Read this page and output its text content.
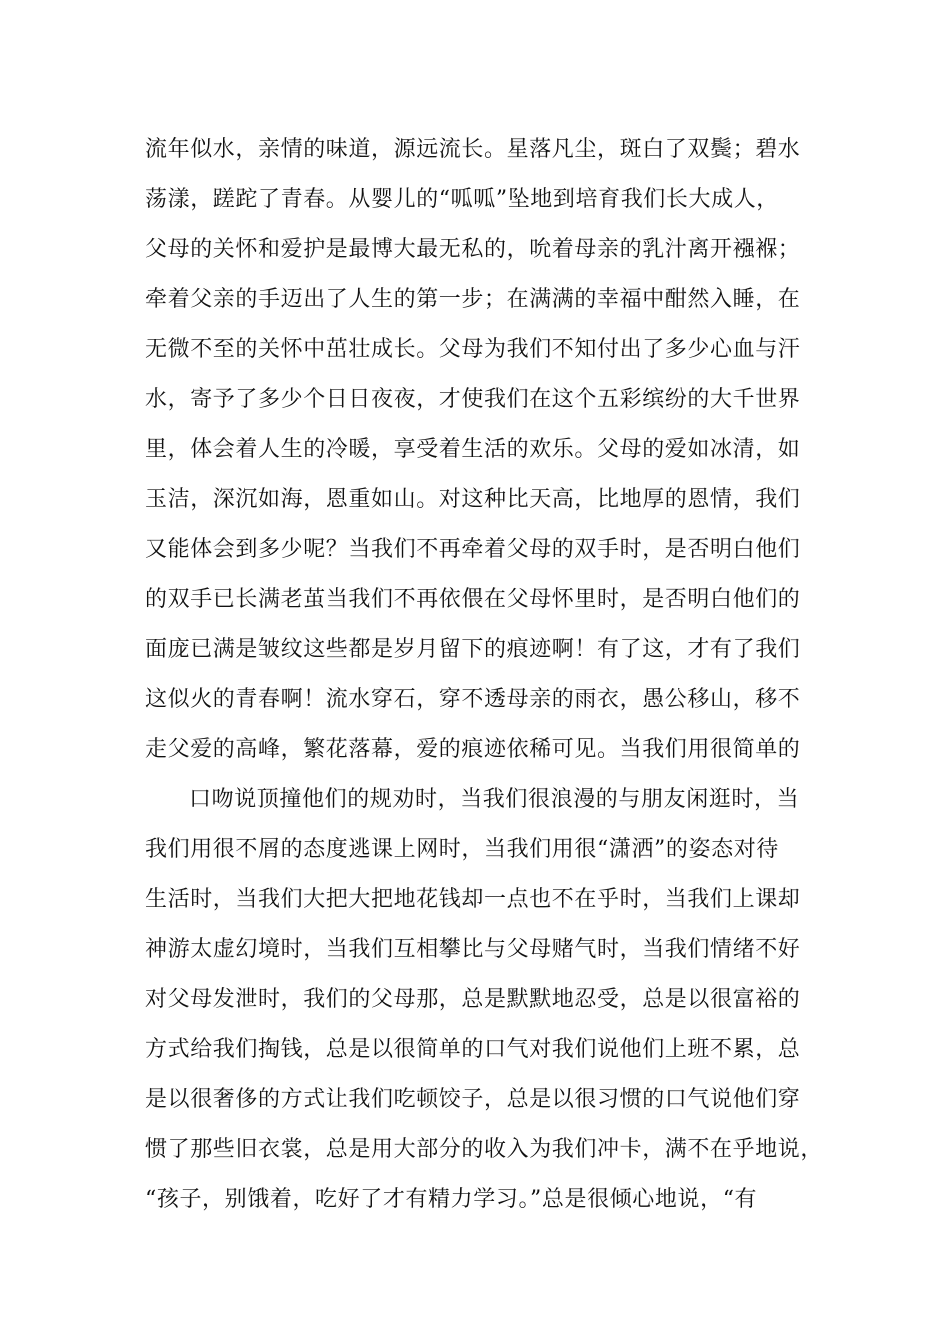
流年似水，亲情的味道，源远流长。星落凡尘，斑白了双鬓；碧水
荡漾，蹉跎了青春。从婴儿的“呱呱”坠地到培育我们长大成人，
父母的关怀和爱护是最博大最无私的，吮着母亲的乳汁离开襁褓；
牵着父亲的手迈出了人生的第一步；在满满的幸福中酣然入睡，在
无微不至的关怀中茁壮成长。父母为我们不知付出了多少心血与汗
水，寄予了多少个日日夜夜，才使我们在这个五彩缤纷的大千世界
里，体会着人生的冷暖，享受着生活的欢乐。父母的爱如冰清，如
玉洁，深沉如海，恩重如山。对这种比天高，比地厚的恩情，我们
又能体会到多少呢？当我们不再牵着父母的双手时，是否明白他们
的双手已长满老茧当我们不再依偎在父母怀里时，是否明白他们的
面庞已满是皱纹这些都是岁月留下的痕迹啊！有了这，才有了我们
这似火的青春啊！流水穿石，穿不透母亲的雨衣，愚公移山，移不
走父爱的高峰，繁花落幕，爱的痕迹依稀可见。当我们用很简单的
口吻说顶撞他们的规劝时，当我们很浪漫的与朋友闲逛时，当
我们用很不屑的态度逃课上网时，当我们用很“潇洒”的姿态对待
生活时，当我们大把大把地花钱却一点也不在乎时，当我们上课却
神游太虚幻境时，当我们互相攀比与父母赌气时，当我们情绪不好
对父母发泄时，我们的父母那，总是默默地忍受，总是以很富裕的
方式给我们掏钱，总是以很简单的口气对我们说他们上班不累，总
是以很奢侈的方式让我们吃顿饺子，总是以很习惯的口气说他们穿
惯了那些旧衣裳，总是用大部分的收入为我们冲卡，满不在乎地说，
“孩子，别饿着，吃好了才有精力学习。”总是很倾心地说，“有
